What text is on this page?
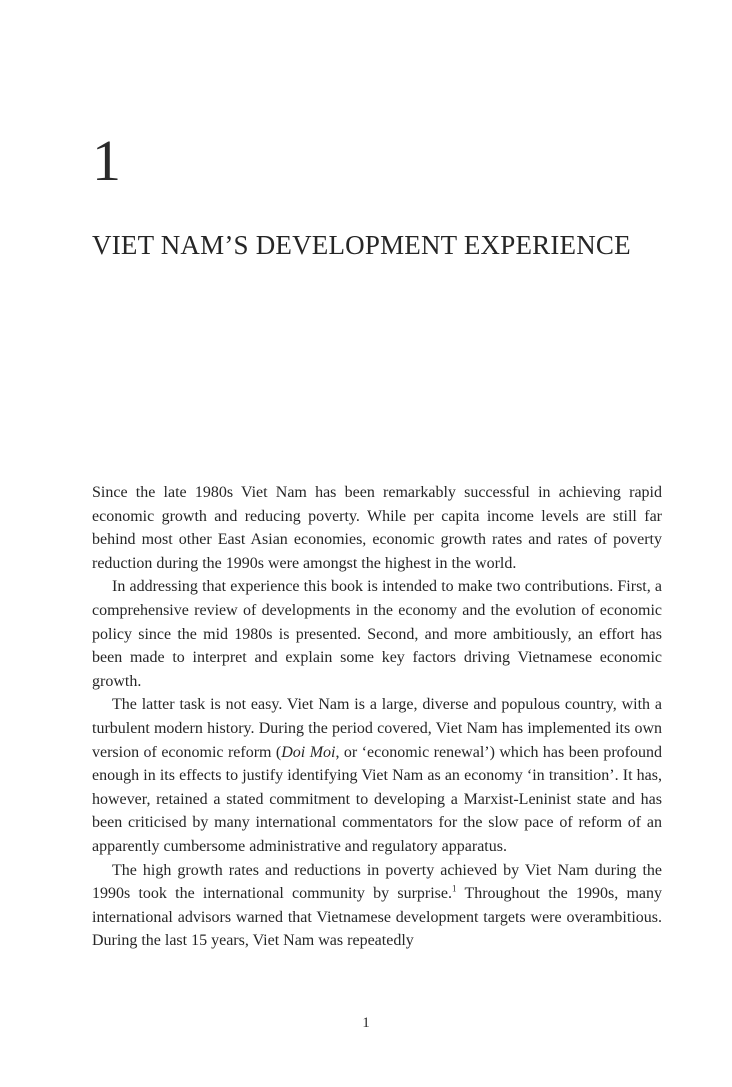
1
VIET NAM’S DEVELOPMENT EXPERIENCE

Since the late 1980s Viet Nam has been remarkably successful in achieving rapid economic growth and reducing poverty. While per capita income levels are still far behind most other East Asian economies, economic growth rates and rates of poverty reduction during the 1990s were amongst the highest in the world.

In addressing that experience this book is intended to make two contributions. First, a comprehensive review of developments in the economy and the evolution of economic policy since the mid 1980s is presented. Second, and more ambitiously, an effort has been made to interpret and explain some key factors driving Vietnamese economic growth.

The latter task is not easy. Viet Nam is a large, diverse and populous country, with a turbulent modern history. During the period covered, Viet Nam has implemented its own version of economic reform (Doi Moi, or ‘economic renewal’) which has been profound enough in its effects to justify identifying Viet Nam as an economy ‘in transition’. It has, however, retained a stated commitment to developing a Marxist-Leninist state and has been criticised by many international commentators for the slow pace of reform of an apparently cumbersome administrative and regulatory apparatus.

The high growth rates and reductions in poverty achieved by Viet Nam during the 1990s took the international community by surprise.$^1$ Throughout the 1990s, many international advisors warned that Vietnamese development targets were overambitious. During the last 15 years, Viet Nam was repeatedly

1
